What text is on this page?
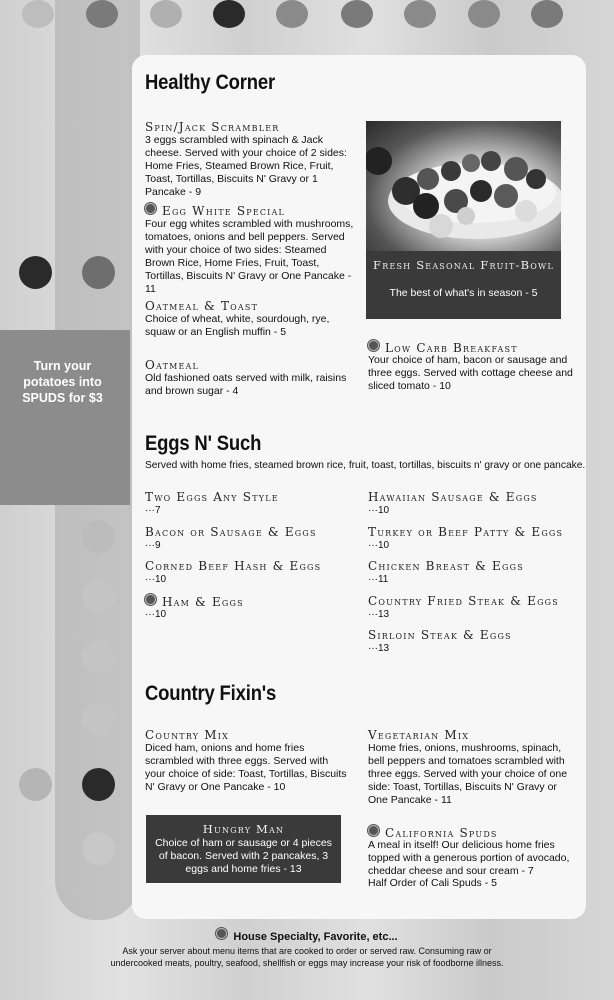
Turn your potatoes into SPUDS for $3
Healthy Corner
Spin/Jack Scrambler
3 eggs scrambled with spinach & Jack cheese. Served with your choice of 2 sides: Home Fries, Steamed Brown Rice, Fruit, Toast, Tortillas, Biscuits N' Gravy or 1 Pancake - 9
Egg White Special
Four egg whites scrambled with mushrooms, tomatoes, onions and bell peppers. Served with your choice of two sides: Steamed Brown Rice, Home Fries, Fruit, Toast, Tortillas, Biscuits N' Gravy or One Pancake - 11
Oatmeal & Toast
Choice of wheat, white, sourdough, rye, squaw or an English muffin - 5
Oatmeal
Old fashioned oats served with milk, raisins and brown sugar - 4
Fresh Seasonal Fruit-Bowl
The best of what's in season - 5
Low Carb Breakfast
Your choice of ham, bacon or sausage and three eggs. Served with cottage cheese and sliced tomato - 10
Eggs N' Such
Served with home fries, steamed brown rice, fruit, toast, tortillas, biscuits n' gravy or one pancake.
Two Eggs Any Style
···7
Bacon or Sausage & Eggs
···9
Corned Beef Hash & Eggs
···10
Ham & Eggs
···10
Hawaiian Sausage & Eggs
···10
Turkey or Beef Patty & Eggs
···10
Chicken Breast & Eggs
···11
Country Fried Steak & Eggs
···13
Sirloin Steak & Eggs
···13
Country Fixin's
Country Mix
Diced ham, onions and home fries scrambled with three eggs. Served with your choice of side: Toast, Tortillas, Biscuits N' Gravy or One Pancake - 10
Vegetarian Mix
Home fries, onions, mushrooms, spinach, bell peppers and tomatoes scrambled with three eggs. Served with your choice of one side: Toast, Tortillas, Biscuits N' Gravy or One Pancake - 11
Hungry Man
Choice of ham or sausage or 4 pieces of bacon. Served with 2 pancakes, 3 eggs and home fries - 13
California Spuds
A meal in itself! Our delicious home fries topped with a generous portion of avocado, cheddar cheese and sour cream - 7
Half Order of Cali Spuds - 5
House Specialty, Favorite, etc...
Ask your server about menu items that are cooked to order or served raw. Consuming raw or undercooked meats, poultry, seafood, shellfish or eggs may increase your risk of foodborne illness.
